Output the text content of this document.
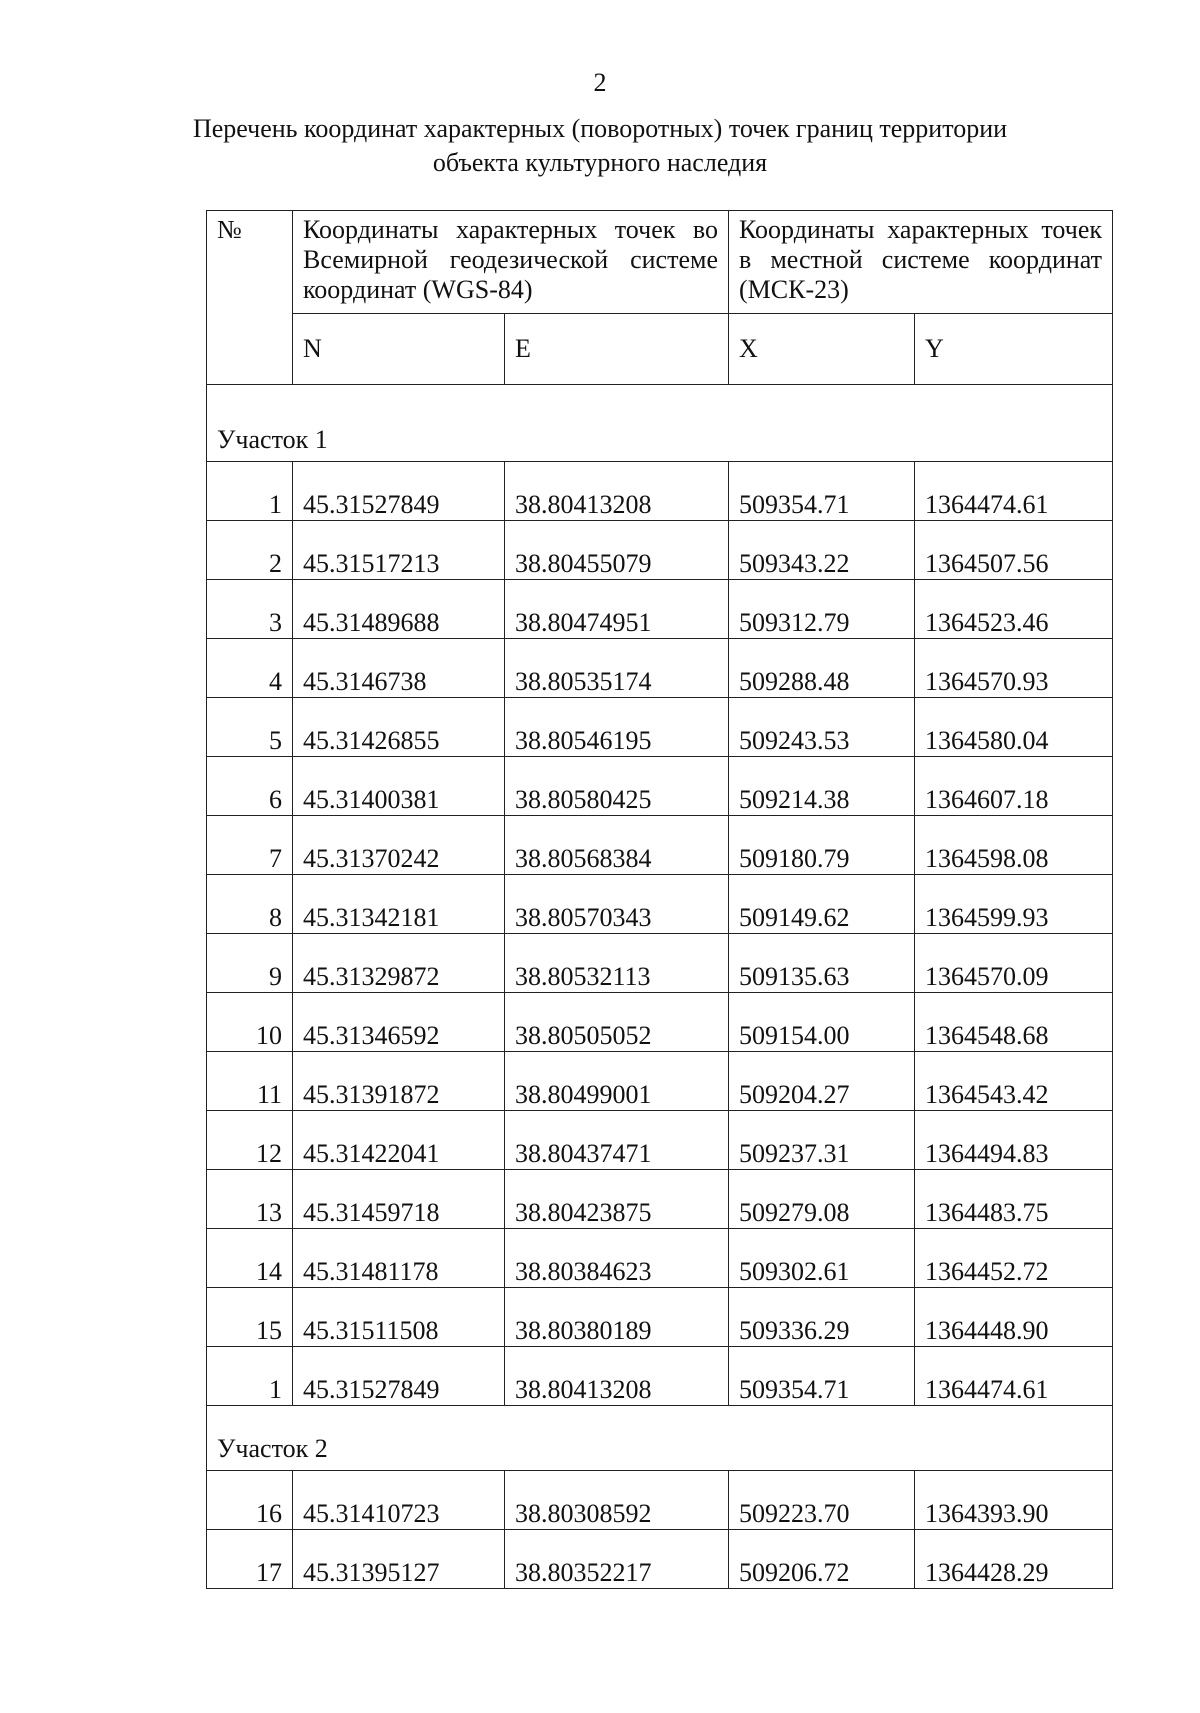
2
Перечень координат характерных (поворотных) точек границ территории
объекта культурного наследия
№	Координаты характерных точек во Всемирной геодезической системе координат (WGS-84)		Координаты характерных точек в местной системе координат (МСК-23)	
	N	E	X	Y
Участок 1				
1	45.31527849	38.80413208	509354.71	1364474.61
2	45.31517213	38.80455079	509343.22	1364507.56
3	45.31489688	38.80474951	509312.79	1364523.46
4	45.3146738	38.80535174	509288.48	1364570.93
5	45.31426855	38.80546195	509243.53	1364580.04
6	45.31400381	38.80580425	509214.38	1364607.18
7	45.31370242	38.80568384	509180.79	1364598.08
8	45.31342181	38.80570343	509149.62	1364599.93
9	45.31329872	38.80532113	509135.63	1364570.09
10	45.31346592	38.80505052	509154.00	1364548.68
11	45.31391872	38.80499001	509204.27	1364543.42
12	45.31422041	38.80437471	509237.31	1364494.83
13	45.31459718	38.80423875	509279.08	1364483.75
14	45.31481178	38.80384623	509302.61	1364452.72
15	45.31511508	38.80380189	509336.29	1364448.90
1	45.31527849	38.80413208	509354.71	1364474.61
Участок 2				
16	45.31410723	38.80308592	509223.70	1364393.90
17	45.31395127	38.80352217	509206.72	1364428.29
